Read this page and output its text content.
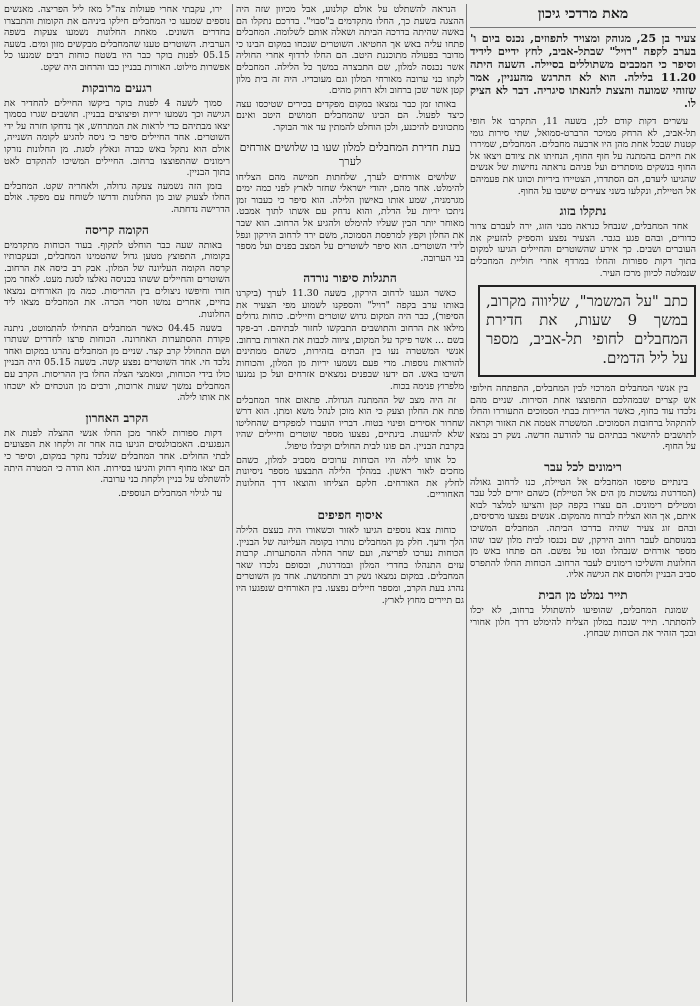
מאת מרדכי גיכון
צעיר בן 25, מגוהק ומצויד לתפוזים, נכנס ביום ו' בערב לקפה "רויל" שבתל-אביב, לחץ ידיים לידיד וסיפר כי המכבים משתוללים בסיילה. השעה היתה 11.20 בלילה. הוא לא התרגש מהעניין, אמר שזוהי שמועה והצצת להנאתו סיגריה. דבר לא הציק לו.

עשרים דקות קודם לכן, בשעה 11, התקרבו אל חופי תל-אביב, לא הרחק ממיכר הרברט-סמואל, שתי סירות גומי קטנות שבכל אחת מהן היו ארבעה מחבלים. המחבלים, שמיררו את חייהם בהמתנה על חוף החוף, הנחיתו את ציודם ויצאו אל החוף בנשקים מוסתרים ועל פניהם נראתה נחישות של אנשים שהגיעו ליעדם, הם הסתדרו, הצטיידו ביריות וכוונו את פעמיהם אל הטיילת, ונקלעו בשני צעירים שישבו על החוף.

נתקלו בזוג

אחד המחבלים, שנבחל כנראה מבני הזוג, ירה לעברם צרור כדורים, ובהם פגע בגבר. הצעיר נפצע והספיק להזעיק את העוברים ושבים. כך אירע שהשוטרים והחיילים הגיעו למקום בתוך דקות ספורות והחלו במרדף אחרי חוליית המחבלים שנמלטה לכיוון מרכז העיר.

כתב "על המשמר", שליווה מקרוב, במשך 9 שעות, את חדירת המחבלים לחופי תל-אביב, מספר על ליל הדמים.

בין אנשי המחבלים המרכזי לבין המחבלים, התפתחה חילופי אש קצרים שבמהלכם התפוצצו אחת הסירות. שניים מהם נלכדו עוד בחוף, כאשר הדיירות בבתי הסמוכים התעוררו והחלו להתקהל ברחובות הסמוכים. המשטרה אטמה את האזור וקראה לתושבים להישאר בבתיהם עד להודעה חדשה. נשק רב נמצא על החוף.

רימונים לכל עבר

בינתיים טיפסו המחבלים אל הטיילת, כנו לרחוב גאולה (המדרגות נמשכות מן הים אל הטיילת) כשהם יורים לכל עבר ומטילים רימונים. הם עצרו בקפה קטן והציעו למלצר לבוא איתם, אך הוא הצליח לברוח מהמקום. אנשים נפצעו מרסיסים, ובהם זוג צעיר שהיה בדרכו הביתה. המחבלים המשיכו במנוסתם לעבר רחוב הירקון, שם נכנסו לבית מלון שבו שהו מספר אורחים שנבהלו ונסו על נפשם. הם פתחו באש מן החלונות והשליכו רימונים לעבר הרחוב. הכוחות החלו להתפרס סביב הבניין ולחסום את הגישה אליו.

תייר נמלט מן הבית

שמונת המחבלים, שהופיעו להשתולל ברחוב, לא יכלו להסתתר. תייר שנכח במלון הצליח להימלט דרך חלון אחורי ובכך הזהיר את הכוחות שבחוץ.

הנראה להשתלט על אולם קולנוע, אבל מכיוון שזה היה ההצגה בשעת כך, החלו מתקדמים ב"סבוי". בדרכם נתקלו הם באשה שהיתה בדרכה הביתה ושאלה אותם לשלומה. המחבלים פתחו עליה באש אך החטיאו. השוטרים שנכחו במקום הבינו כי מדובר בפעולה מתוכננת היטב. הם החלו לרדוף אחרי החוליה אשר נכנסה למלון, שם התבצרה במשך כל הלילה. המחבלים לקחו בני ערובה מאורחי המלון וגם מעובדיו. היה זה בית מלון קטן אשר שכן ברחוב ולא רחוק מהים.

באותו זמן כבר נמצאו במקום מפקדים בכירים שטיכסו עצה כיצד לפעול. הם הבינו שהמחבלים חמושים היטב ואינם מתכוונים להיכנע, ולכן הוחלט להמתין עד אור הבוקר.

בעת חדירת המחבלים למלון שעו בו שלושים אורחים לערך

שלושים אורחים לערך, שלחתות חמישה מהם הצליחו להימלט. אחד מהם, יהודי ישראלי שחזר לארץ לפני כמה ימים מגרמניה, שמע אותו באישון הלילה. הוא סיפר כי כעבור זמן ניתכו יריות על הדלת, והוא נדחק עם אשתו לתוך אמבט. מאוחר יותר הבין שעליו להימלט ולהגיע אל הרחוב. הוא שבר את החלון וקפץ למרפסת הסמוכה, משם ירד לרחוב הירקון ונפל לידי השוטרים. הוא סיפר לשוטרים על המצב בפנים ועל מספר בני הערובה.

התגלות סיפור נורדה

כאשר הגענו לרחוב הירקון, בשעה 11.30 לערך (ביקרנו באותו ערב בקפה "רויל" והספקנו לשמוע מפי הצעיר את הסיפור), כבר היה המקום גדוש שוטרים וחיילים. כוחות גדולים מילאו את הרחוב והתושבים התבקשו לחזור לבתיהם. רב-פקד בשם ... אשר פיקד על המקום, ציווה לכבות את האורות ברחוב. אנשי המשטרה נעו בין הבתים בזהירות, כשהם ממתינים להוראות נוספות. מדי פעם נשמעו יריות מן המלון, והכוחות השיבו באש. הם ידעו שבפנים נמצאים אזרחים ועל כן נמנעו מלפרוץ פנימה בכוח.

זה היה מצב של ההמתנה הגדולה. פתאום אחד המחבלים פתח את החלון וצעק כי הוא מוכן לנהל משא ומתן. הוא דרש שחרור אסירים ופינוי בטוח. דבריו הועברו למפקדים שהחליטו שלא להיענות. בינתיים, נפצעו מספר שוטרים וחיילים שהיו בקרבת הבניין. הם פונו לבית החולים וקיבלו טיפול.

כל אותו לילה היו הכוחות ערוכים מסביב למלון, כשהם מחכים לאור ראשון. במהלך הלילה התבצעו מספר ניסיונות לחלץ את האורחים. חלקם הצליחו והוצאו דרך החלונות האחוריים.

איסוף חפיפים

כוחות צבא נוספים הגיעו לאזור וכשאורו היה בעצם הלילה הלך ודעך. חלק מן המחבלים נותרו בקומה העליונה של הבניין. הכוחות נערכו לפריצה, ועם שחר החלה ההסתערות. קרבות עזים התנהלו בחדרי המלון ובמדרגות, ובסופם נלכדו שאר המחבלים. במקום נמצאו נשק רב ותחמושת. אחד מן השוטרים נהרג בעת הקרב, ומספר חיילים נפצעו. בין האורחים שנפגעו היו גם תיירים מחוץ לארץ.

ירו, עקבתי אחרי פעולות צה"ל מאז ליל הפריצה. מאנשים נוספים שמענו כי המחבלים חילקו ביניהם את הקומות והתבצרו בחדרים השונים. מאחת החלונות נשמעו צעקות בשפה הערבית. השוטרים טענו שהמחבלים מבקשים מזון ומים. בשעה 05.15 לפנות בוקר כבר היו בשטח כוחות רבים שמנעו כל אפשרות מילוט. האורות בבניין כבו והרחוב היה שקט.

רגעים מרובקות

סמוך לשעה 4 לפנות בוקר ביקשו החיילים להחדיר את הגישה וכך נשמעו יריות ופיצוצים בבניין. תושבים שגרו בסמוך יצאו מבתיהם כדי לראות את המתרחש, אך נדחקו חזרה על ידי השוטרים. אחד החיילים סיפר כי ניסה להגיע לקומה השנייה, אולם הוא נתקל באש כבדה ונאלץ לסגת. מן החלונות נזרקו רימונים שהתפוצצו ברחוב. החיילים המשיכו להתקדם לאט בתוך הבניין.

בזמן הזה נשמעה צעקה גדולה, ולאחריה שקט. המחבלים החלו לצעוק שוב מן החלונות ודרשו לשוחח עם מפקד. אולם הדרישה נדחתה.

הקומה קריסה

באותה שעה כבר הוחלט לתקוף. בעוד הכוחות מתקדמים בקומות, התפוצץ מטען גדול שהטמינו המחבלים, ובעקבותיו קרסה הקומה העליונה של המלון. אבק רב כיסה את הרחוב. השוטרים והחיילים ששהו בכניסה נאלצו לסגת מעט. לאחר מכן חזרו וחיפשו ניצולים בין ההריסות. כמה מן האורחים נמצאו בחיים, אחרים נמשו חסרי הכרה. את המחבלים מצאו ליד החלונות.

בשעה 04.45 כאשר המחבלים התחילו להתמוטט, ניתנה פקודת ההסתערות האחרונה. הכוחות פרצו לחדרים שנותרו ושם התחולל קרב קצר. שניים מן המחבלים נהרגו במקום ואחד נלכד חי. אחד השוטרים נפצע קשה. בשעה 05.15 היה הבניין כולו בידי הכוחות, ומאמצי הצלה החלו בין ההריסות. הקרב עם המחבלים נמשך שעות ארוכות, ורבים מן הנוכחים לא ישכחו את אותו לילה.

הקרב האחרון

דקות ספורות לאחר מכן החלו אנשי ההצלה לפנות את הנפגעים. האמבולנסים הגיעו בזה אחר זה ולקחו את הפצועים לבתי החולים. אחד המחבלים שנלכד נחקר במקום, וסיפר כי הם יצאו מחוף רחוק והגיעו בסירות. הוא הודה כי המטרה היתה להשתלט על בניין ולקחת בני ערובה.

עד לגילוי המחבלים הנוספים.
